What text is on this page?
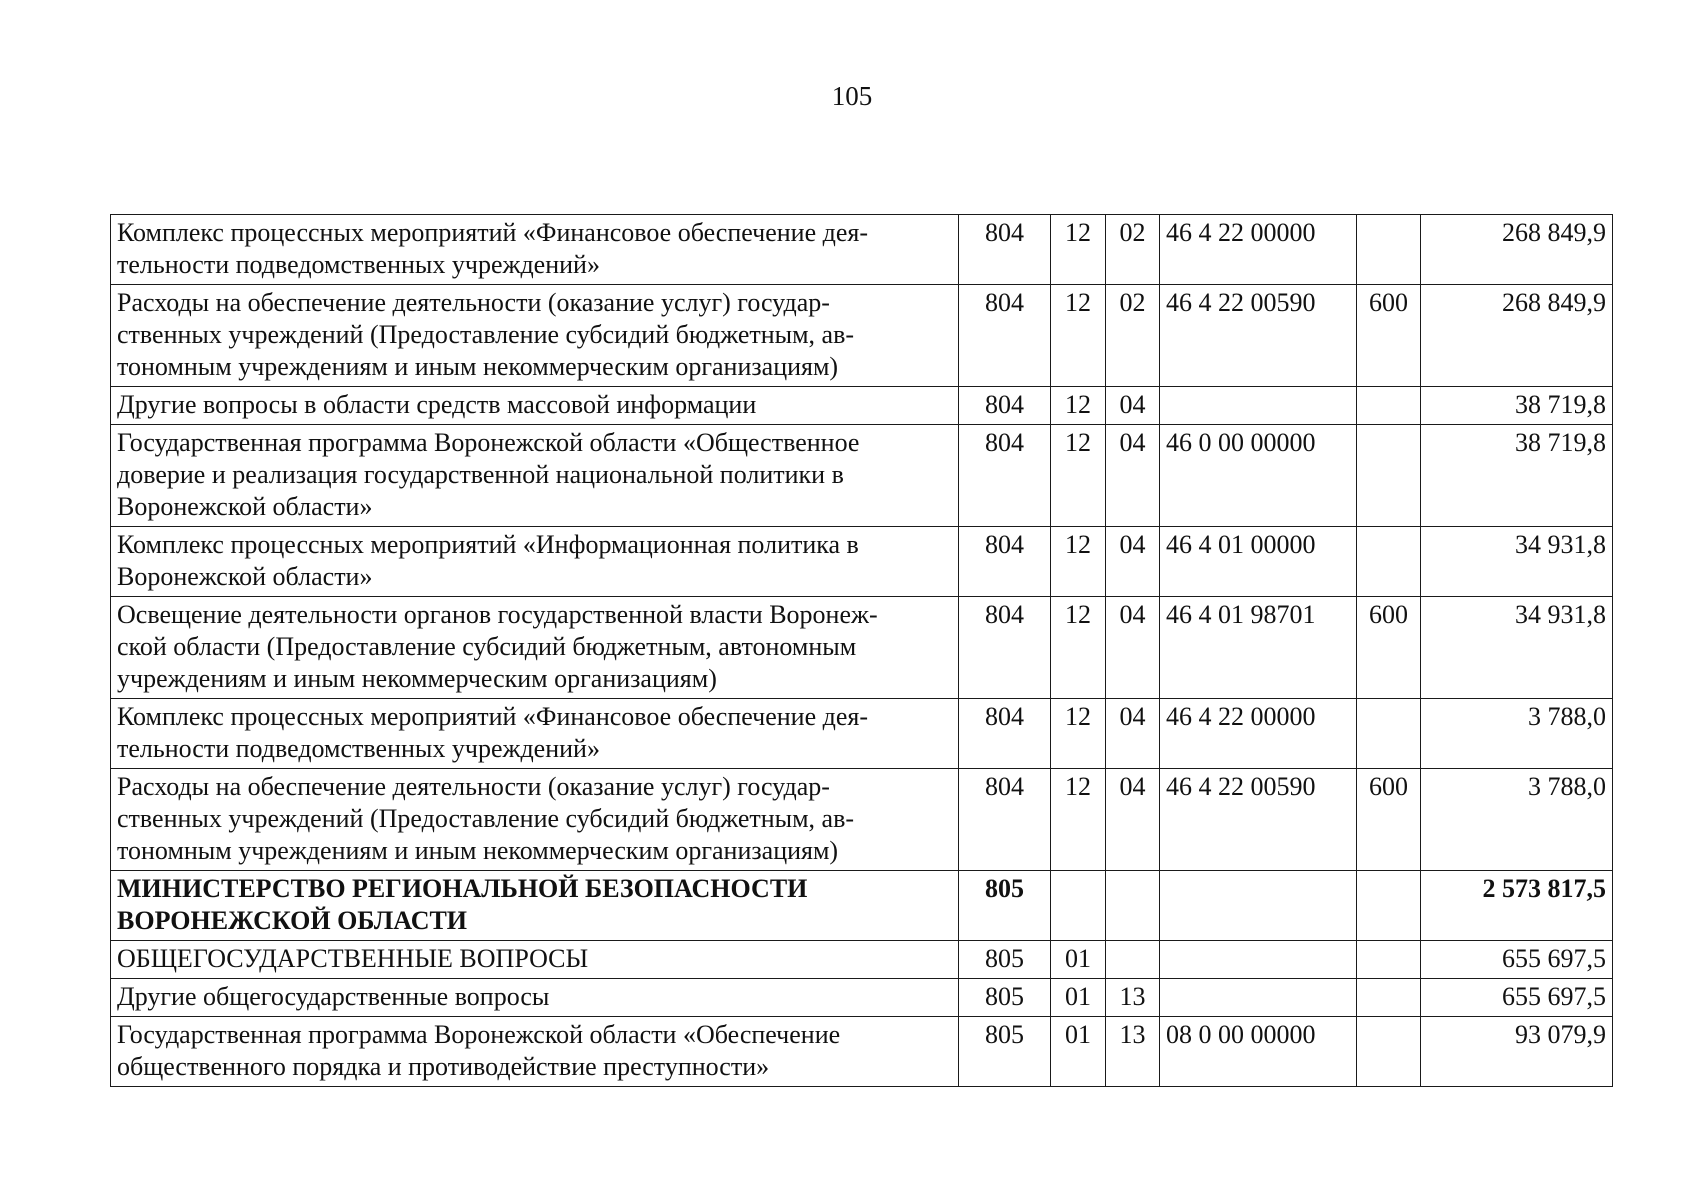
105
Комплекс процессных мероприятий «Финансовое обеспечение дея-
тельности подведомственных учреждений»	804	12	02	46 4 22 00000		268 849,9

Расходы на обеспечение деятельности (оказание услуг) государ-
ственных учреждений (Предоставление субсидий бюджетным, ав-
тономным учреждениям и иным некоммерческим организациям)	804	12	02	46 4 22 00590	600	268 849,9

Другие вопросы в области средств массовой информации	804	12	04			38 719,8

Государственная программа Воронежской области «Общественное
доверие и реализация государственной национальной политики в
Воронежской области»	804	12	04	46 0 00 00000		38 719,8

Комплекс процессных мероприятий «Информационная политика в
Воронежской области»	804	12	04	46 4 01 00000		34 931,8

Освещение деятельности органов государственной власти Воронеж-
ской области (Предоставление субсидий бюджетным, автономным
учреждениям и иным некоммерческим организациям)	804	12	04	46 4 01 98701	600	34 931,8

Комплекс процессных мероприятий «Финансовое обеспечение дея-
тельности подведомственных учреждений»	804	12	04	46 4 22 00000		3 788,0

Расходы на обеспечение деятельности (оказание услуг) государ-
ственных учреждений (Предоставление субсидий бюджетным, ав-
тономным учреждениям и иным некоммерческим организациям)	804	12	04	46 4 22 00590	600	3 788,0

МИНИСТЕРСТВО РЕГИОНАЛЬНОЙ БЕЗОПАСНОСТИ
ВОРОНЕЖСКОЙ ОБЛАСТИ	805					2 573 817,5

ОБЩЕГОСУДАРСТВЕННЫЕ ВОПРОСЫ	805	01				655 697,5

Другие общегосударственные вопросы	805	01	13			655 697,5

Государственная программа Воронежской области «Обеспечение
общественного порядка и противодействие преступности»	805	01	13	08 0 00 00000		93 079,9
